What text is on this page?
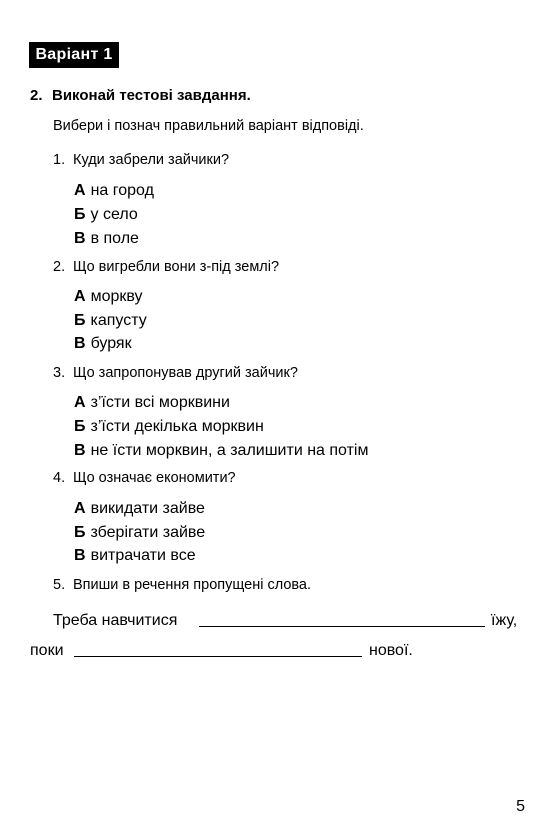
Варіант 1
2. Виконай тестові завдання.
Вибери і познач правильний варіант відповіді.
1. Куди забрели зайчики?
А на город
Б у село
В в поле
2. Що вигребли вони з-під землі?
А моркву
Б капусту
В буряк
3. Що запропонував другий зайчик?
А з’їсти всі морквини
Б з’їсти декілька морквин
В не їсти морквин, а залишити на потім
4. Що означає економити?
А викидати зайве
Б зберігати зайве
В витрачати все
5. Впиши в речення пропущені слова.
Треба навчитися	їжу,
поки	нової.
5
